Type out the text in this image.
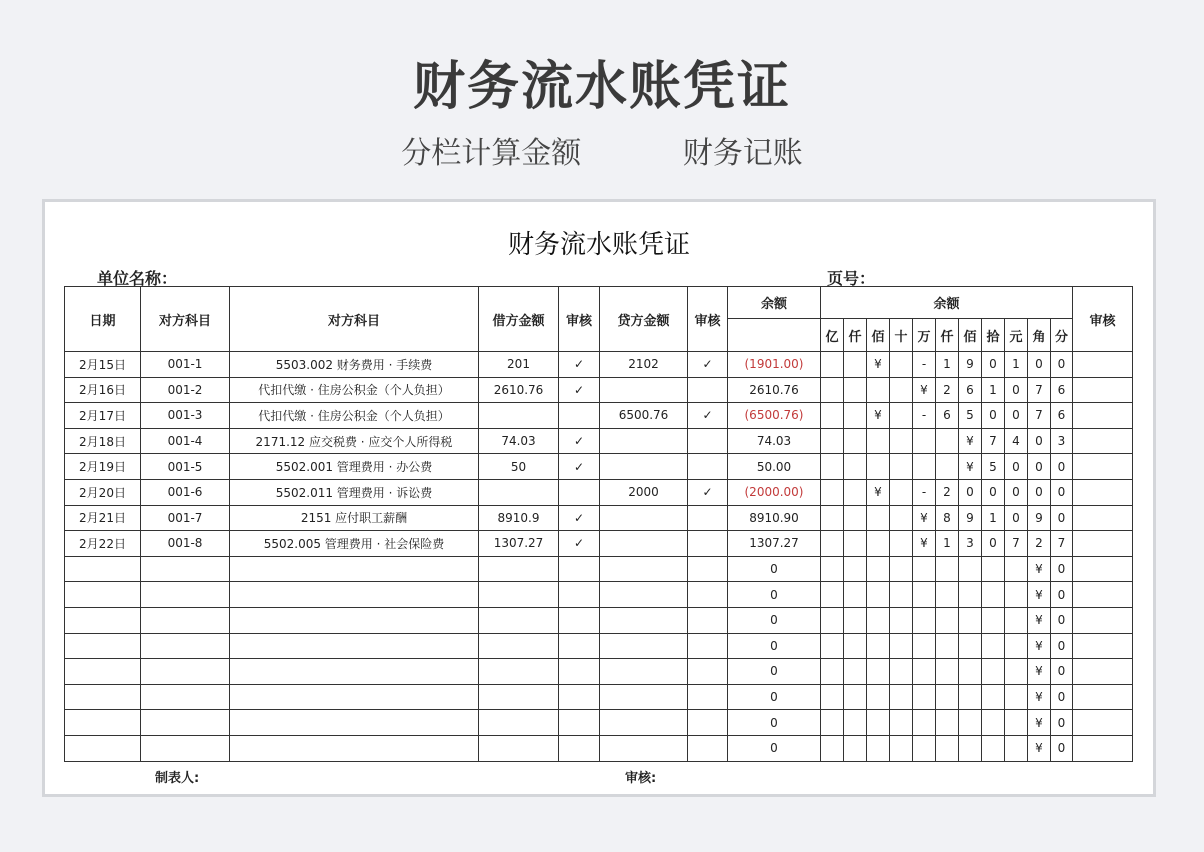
财务流水账凭证
分栏计算金额	财务记账
财务流水账凭证
单位名称：	页号：
日期	对方科目	对方科目	借方金额	审核	贷方金额	审核	余额	余额											审核
								亿	仟	佰	十	万	仟	佰	拾	元	角	分	
2月15日	001-1	5503.002 财务费用 · 手续费	201	✓	2102	✓	(1901.00)			¥		-	1	9	0	1	0	0	
2月16日	001-2	代扣代缴 · 住房公积金（个人负担）	2610.76	✓			2610.76					¥	2	6	1	0	7	6	
2月17日	001-3	代扣代缴 · 住房公积金（个人负担）			6500.76	✓	(6500.76)			¥		-	6	5	0	0	7	6	
2月18日	001-4	2171.12 应交税费 · 应交个人所得税	74.03	✓			74.03							¥	7	4	0	3	
2月19日	001-5	5502.001 管理费用 · 办公费	50	✓			50.00							¥	5	0	0	0	
2月20日	001-6	5502.011 管理费用 · 诉讼费			2000	✓	(2000.00)			¥		-	2	0	0	0	0	0	
2月21日	001-7	2151 应付职工薪酬	8910.9	✓			8910.90					¥	8	9	1	0	9	0	
2月22日	001-8	5502.005 管理费用 · 社会保险费	1307.27	✓			1307.27					¥	1	3	0	7	2	7	
							0										¥	0	
							0										¥	0	
							0										¥	0	
							0										¥	0	
							0										¥	0	
							0										¥	0	
							0										¥	0	
							0										¥	0	
制表人:	审核:
